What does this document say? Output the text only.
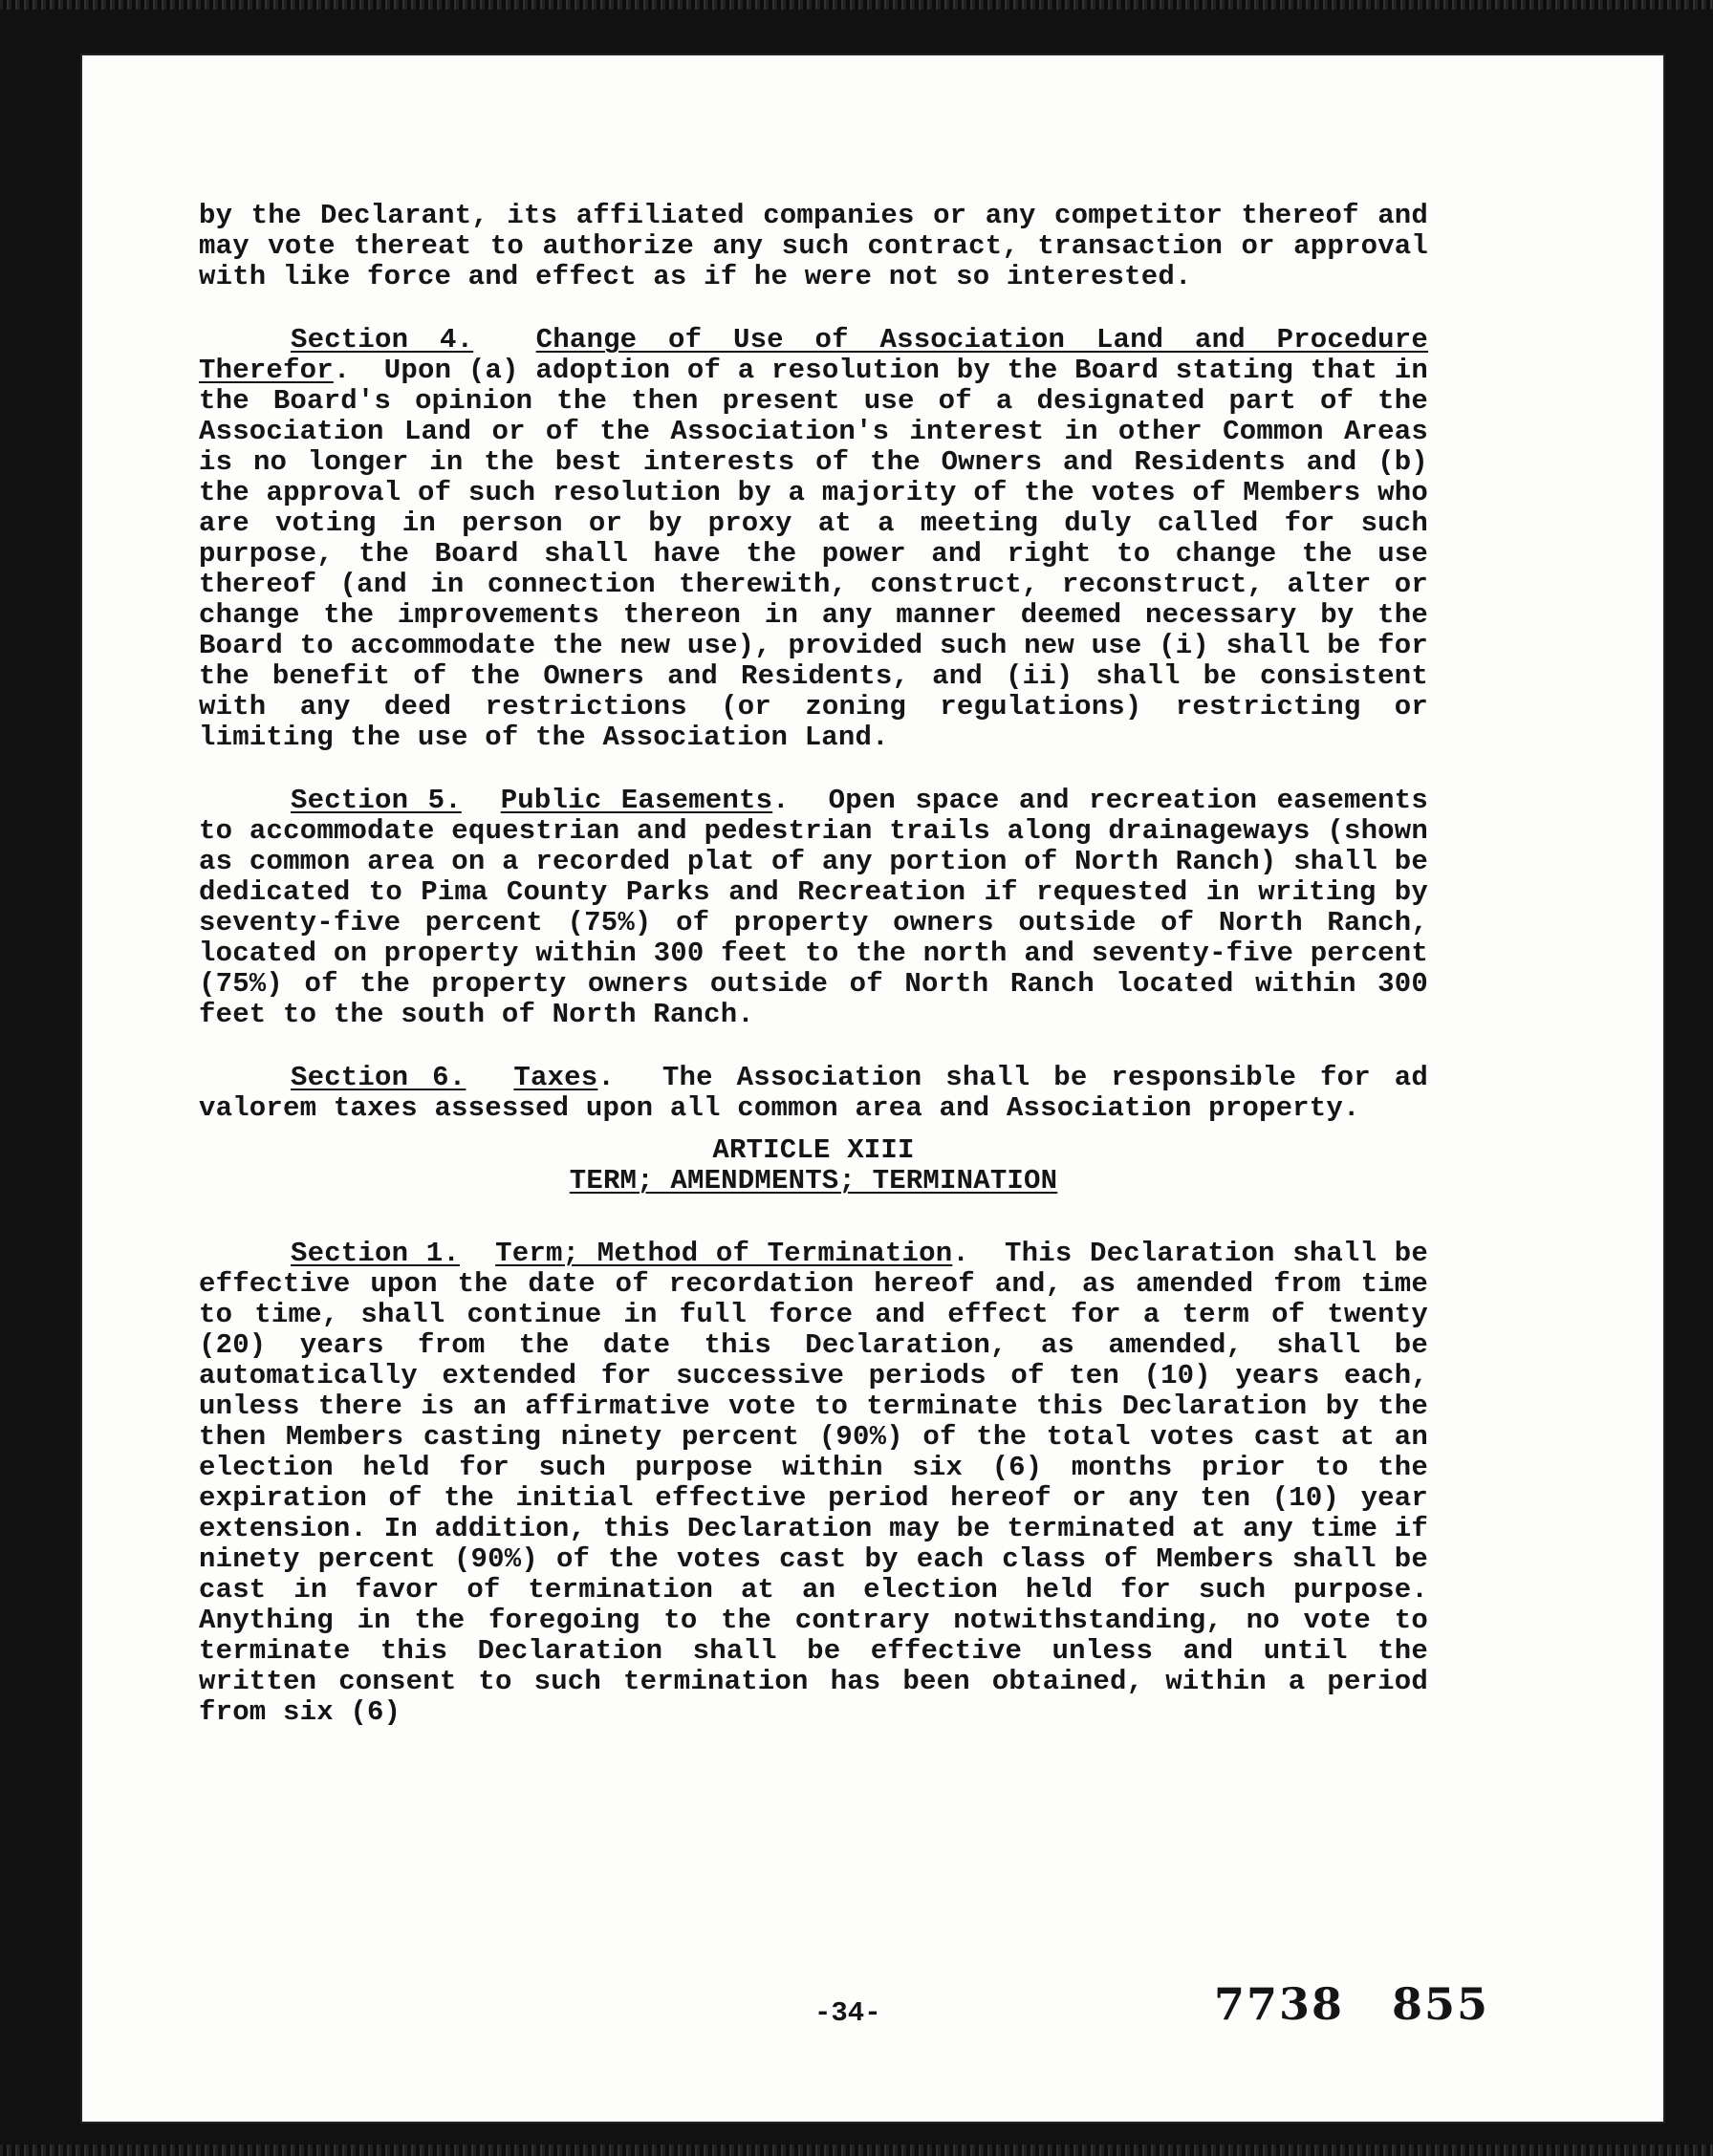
by the Declarant, its affiliated companies or any competitor thereof and may vote thereat to authorize any such contract, transaction or approval with like force and effect as if he were not so interested.

Section 4. Change of Use of Association Land and Procedure Therefor.  Upon (a) adoption of a resolution by the Board stating that in the Board's opinion the then present use of a designated part of the Association Land or of the Association's interest in other Common Areas is no longer in the best interests of the Owners and Residents and (b) the approval of such resolution by a majority of the votes of Members who are voting in person or by proxy at a meeting duly called for such purpose, the Board shall have the power and right to change the use thereof (and in connection therewith, construct, reconstruct, alter or change the improvements thereon in any manner deemed necessary by the Board to accommodate the new use), provided such new use (i) shall be for the benefit of the Owners and Residents, and (ii) shall be consistent with any deed restrictions (or zoning regulations) restricting or limiting the use of the Association Land.

Section 5. Public Easements.  Open space and recreation easements to accommodate equestrian and pedestrian trails along drainageways (shown as common area on a recorded plat of any portion of North Ranch) shall be dedicated to Pima County Parks and Recreation if requested in writing by seventy-five percent (75%) of property owners outside of North Ranch, located on property within 300 feet to the north and seventy-five percent (75%) of the property owners outside of North Ranch located within 300 feet to the south of North Ranch.

Section 6. Taxes.  The Association shall be responsible for ad valorem taxes assessed upon all common area and Association property.

ARTICLE XIII
TERM; AMENDMENTS; TERMINATION

Section 1. Term; Method of Termination.  This Declaration shall be effective upon the date of recordation hereof and, as amended from time to time, shall continue in full force and effect for a term of twenty (20) years from the date this Declaration, as amended, shall be automatically extended for successive periods of ten (10) years each, unless there is an affirmative vote to terminate this Declaration by the then Members casting ninety percent (90%) of the total votes cast at an election held for such purpose within six (6) months prior to the expiration of the initial effective period hereof or any ten (10) year extension. In addition, this Declaration may be terminated at any time if ninety percent (90%) of the votes cast by each class of Members shall be cast in favor of termination at an election held for such purpose. Anything in the foregoing to the contrary notwithstanding, no vote to terminate this Declaration shall be effective unless and until the written consent to such termination has been obtained, within a period from six (6)

-34-	7738 855
